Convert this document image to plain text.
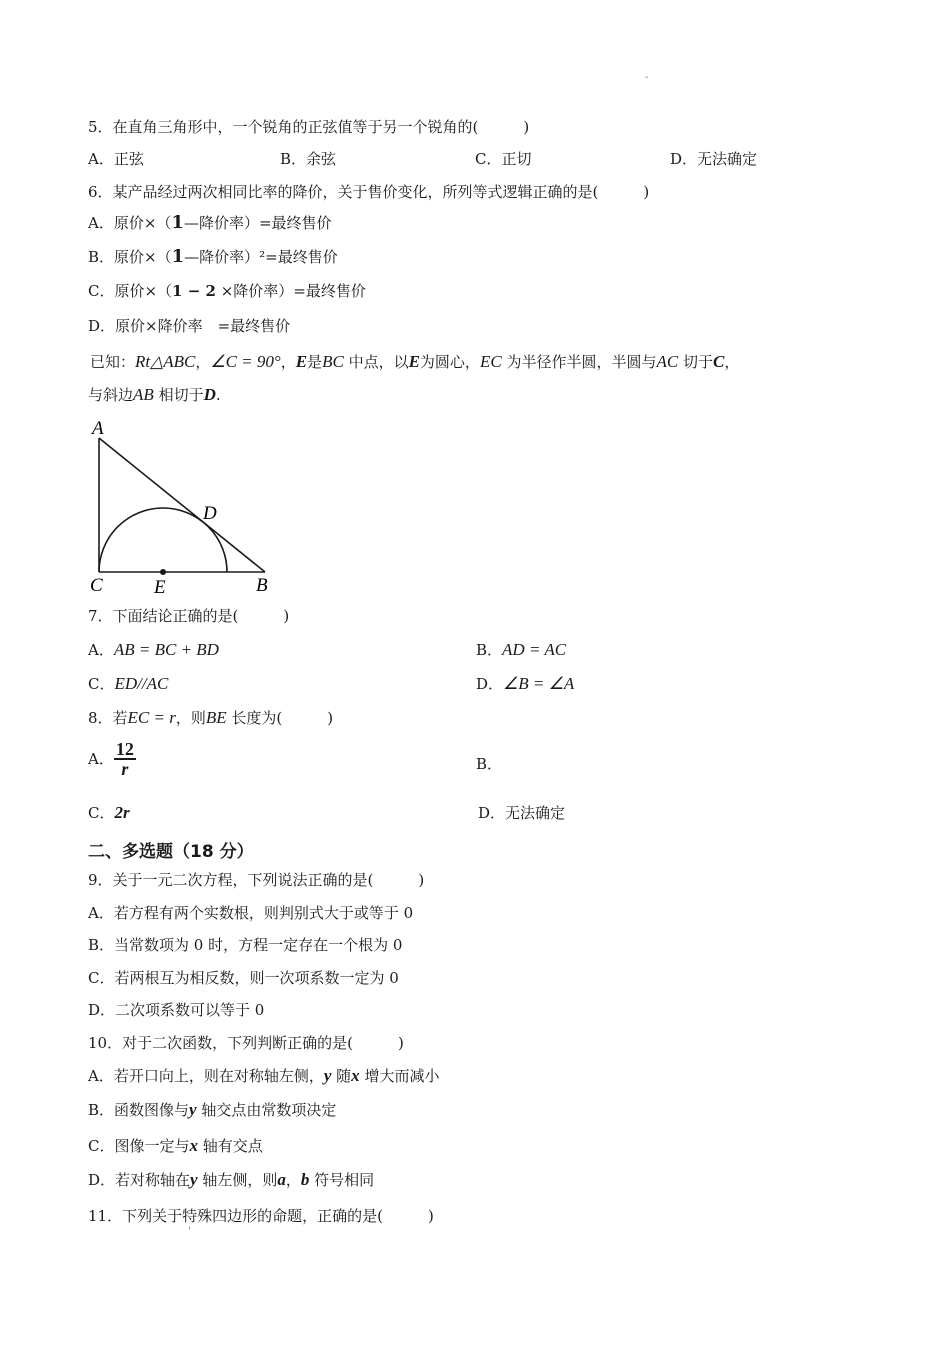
-
5．在直角三角形中，一个锐角的正弦值等于另一个锐角的(　　　)
A．正弦	B．余弦	C．正切	D．无法确定
6．某产品经过两次相同比率的降价，关于售价变化，所列等式逻辑正确的是(　　　)
A．原价×（1—降价率）=最终售价
B．原价×（1—降价率）²=最终售价
C．原价×（1 − 2 ×降价率）=最终售价
D．原价×降价率　=最终售价
已知：Rt△ABC，∠C = 90°，E是BC 中点，以E为圆心，EC 为半径作半圆，半圆与AC 切于C，
与斜边AB 相切于D.
A
D
C	E	B
7．下面结论正确的是(　　　)
A．AB = BC + BD	B．AD = AC
C．ED//AC	D．∠B = ∠A
8．若EC = r，则BE 长度为(　　　)
A． $\frac{12}{r}$	B．
C．2r	D．无法确定
二、多选题（18 分）
9．关于一元二次方程，下列说法正确的是(　　　)
A．若方程有两个实数根，则判别式大于或等于 0
B．当常数项为 0 时，方程一定存在一个根为 0
C．若两根互为相反数，则一次项系数一定为 0
D．二次项系数可以等于 0
10．对于二次函数，下列判断正确的是(　　　)
A．若开口向上，则在对称轴左侧，y 随x 增大而减小
B．函数图像与y 轴交点由常数项决定
C．图像一定与x 轴有交点
D．若对称轴在y 轴左侧，则a，b 符号相同
11．下列关于特殊四边形的命题，正确的是(　　　)
'
